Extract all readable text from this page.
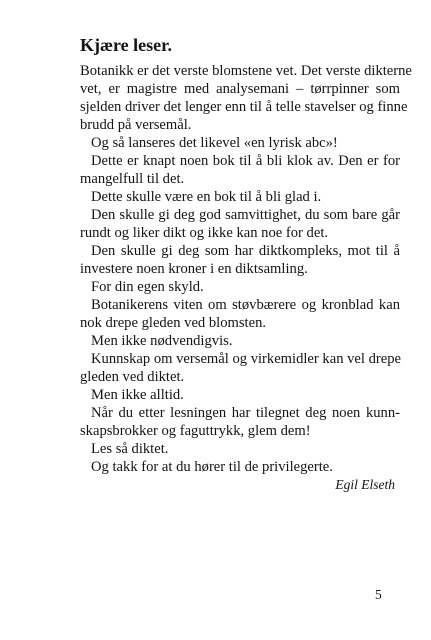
Kjære leser.
Botanikk er det verste blomstene vet. Det verste dikterne
vet, er magistre med analysemani – tørrpinner som
sjelden driver det lenger enn til å telle stavelser og finne
brudd på versemål.
Og så lanseres det likevel «en lyrisk abc»!
Dette er knapt noen bok til å bli klok av. Den er for
mangelfull til det.
Dette skulle være en bok til å bli glad i.
Den skulle gi deg god samvittighet, du som bare går
rundt og liker dikt og ikke kan noe for det.
Den skulle gi deg som har diktkompleks, mot til å
investere noen kroner i en diktsamling.
For din egen skyld.
Botanikerens viten om støvbærere og kronblad kan
nok drepe gleden ved blomsten.
Men ikke nødvendigvis.
Kunnskap om versemål og virkemidler kan vel drepe
gleden ved diktet.
Men ikke alltid.
Når du etter lesningen har tilegnet deg noen kunn-
skapsbrokker og faguttrykk, glem dem!
Les så diktet.
Og takk for at du hører til de privilegerte.
Egil Elseth
5
